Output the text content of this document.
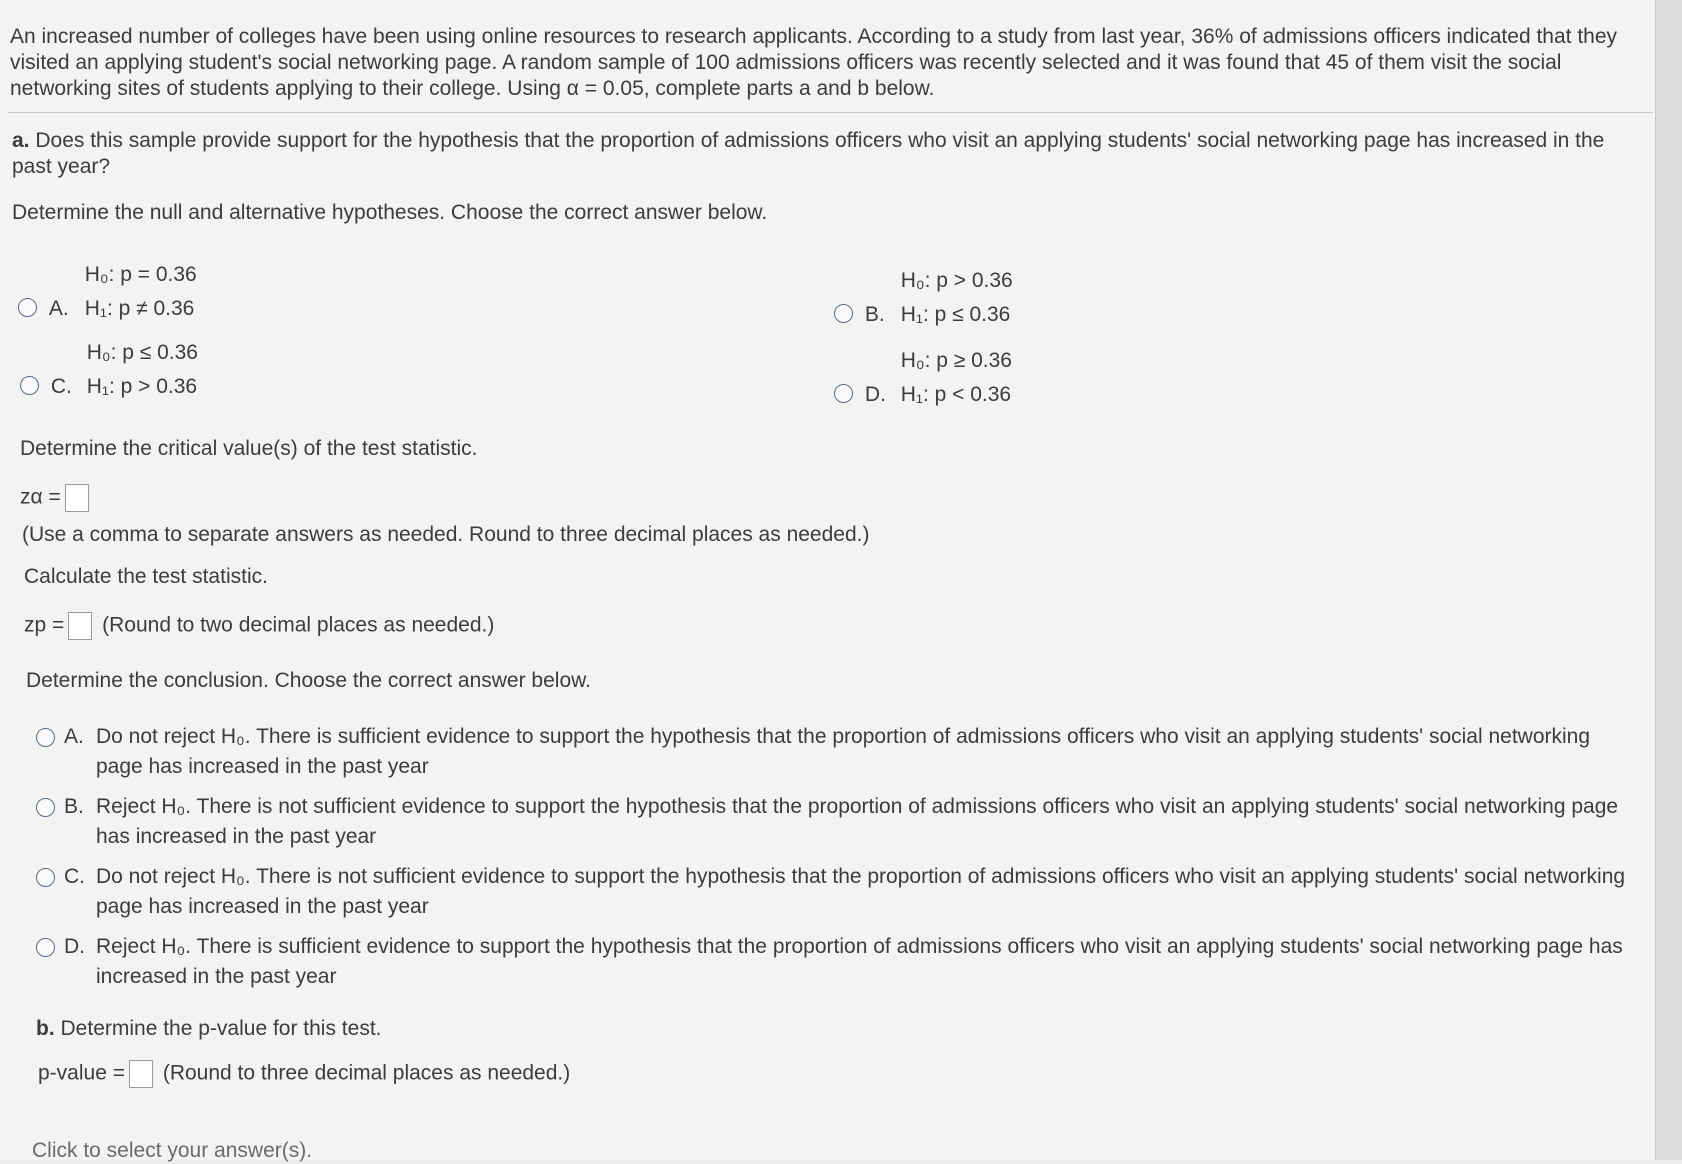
An increased number of colleges have been using online resources to research applicants. According to a study from last year, 36% of admissions officers indicated that they visited an applying student's social networking page. A random sample of 100 admissions officers was recently selected and it was found that 45 of them visit the social networking sites of students applying to their college. Using α = 0.05, complete parts a and b below.
a. Does this sample provide support for the hypothesis that the proportion of admissions officers who visit an applying students' social networking page has increased in the past year?
Determine the null and alternative hypotheses. Choose the correct answer below.
A.
H₀: p = 0.36
H₁: p ≠ 0.36	B.
H₀: p > 0.36
H₁: p ≤ 0.36
C.
H₀: p ≤ 0.36
H₁: p > 0.36	D.
H₀: p ≥ 0.36
H₁: p < 0.36
Determine the critical value(s) of the test statistic.
zα =
(Use a comma to separate answers as needed. Round to three decimal places as needed.)
Calculate the test statistic.
zp = (Round to two decimal places as needed.)
Determine the conclusion. Choose the correct answer below.
A. Do not reject H₀. There is sufficient evidence to support the hypothesis that the proportion of admissions officers who visit an applying students' social networking page has increased in the past year
B. Reject H₀. There is not sufficient evidence to support the hypothesis that the proportion of admissions officers who visit an applying students' social networking page has increased in the past year
C. Do not reject H₀. There is not sufficient evidence to support the hypothesis that the proportion of admissions officers who visit an applying students' social networking page has increased in the past year
D. Reject H₀. There is sufficient evidence to support the hypothesis that the proportion of admissions officers who visit an applying students' social networking page has increased in the past year
b. Determine the p-value for this test.
p-value = (Round to three decimal places as needed.)
Click to select your answer(s).
